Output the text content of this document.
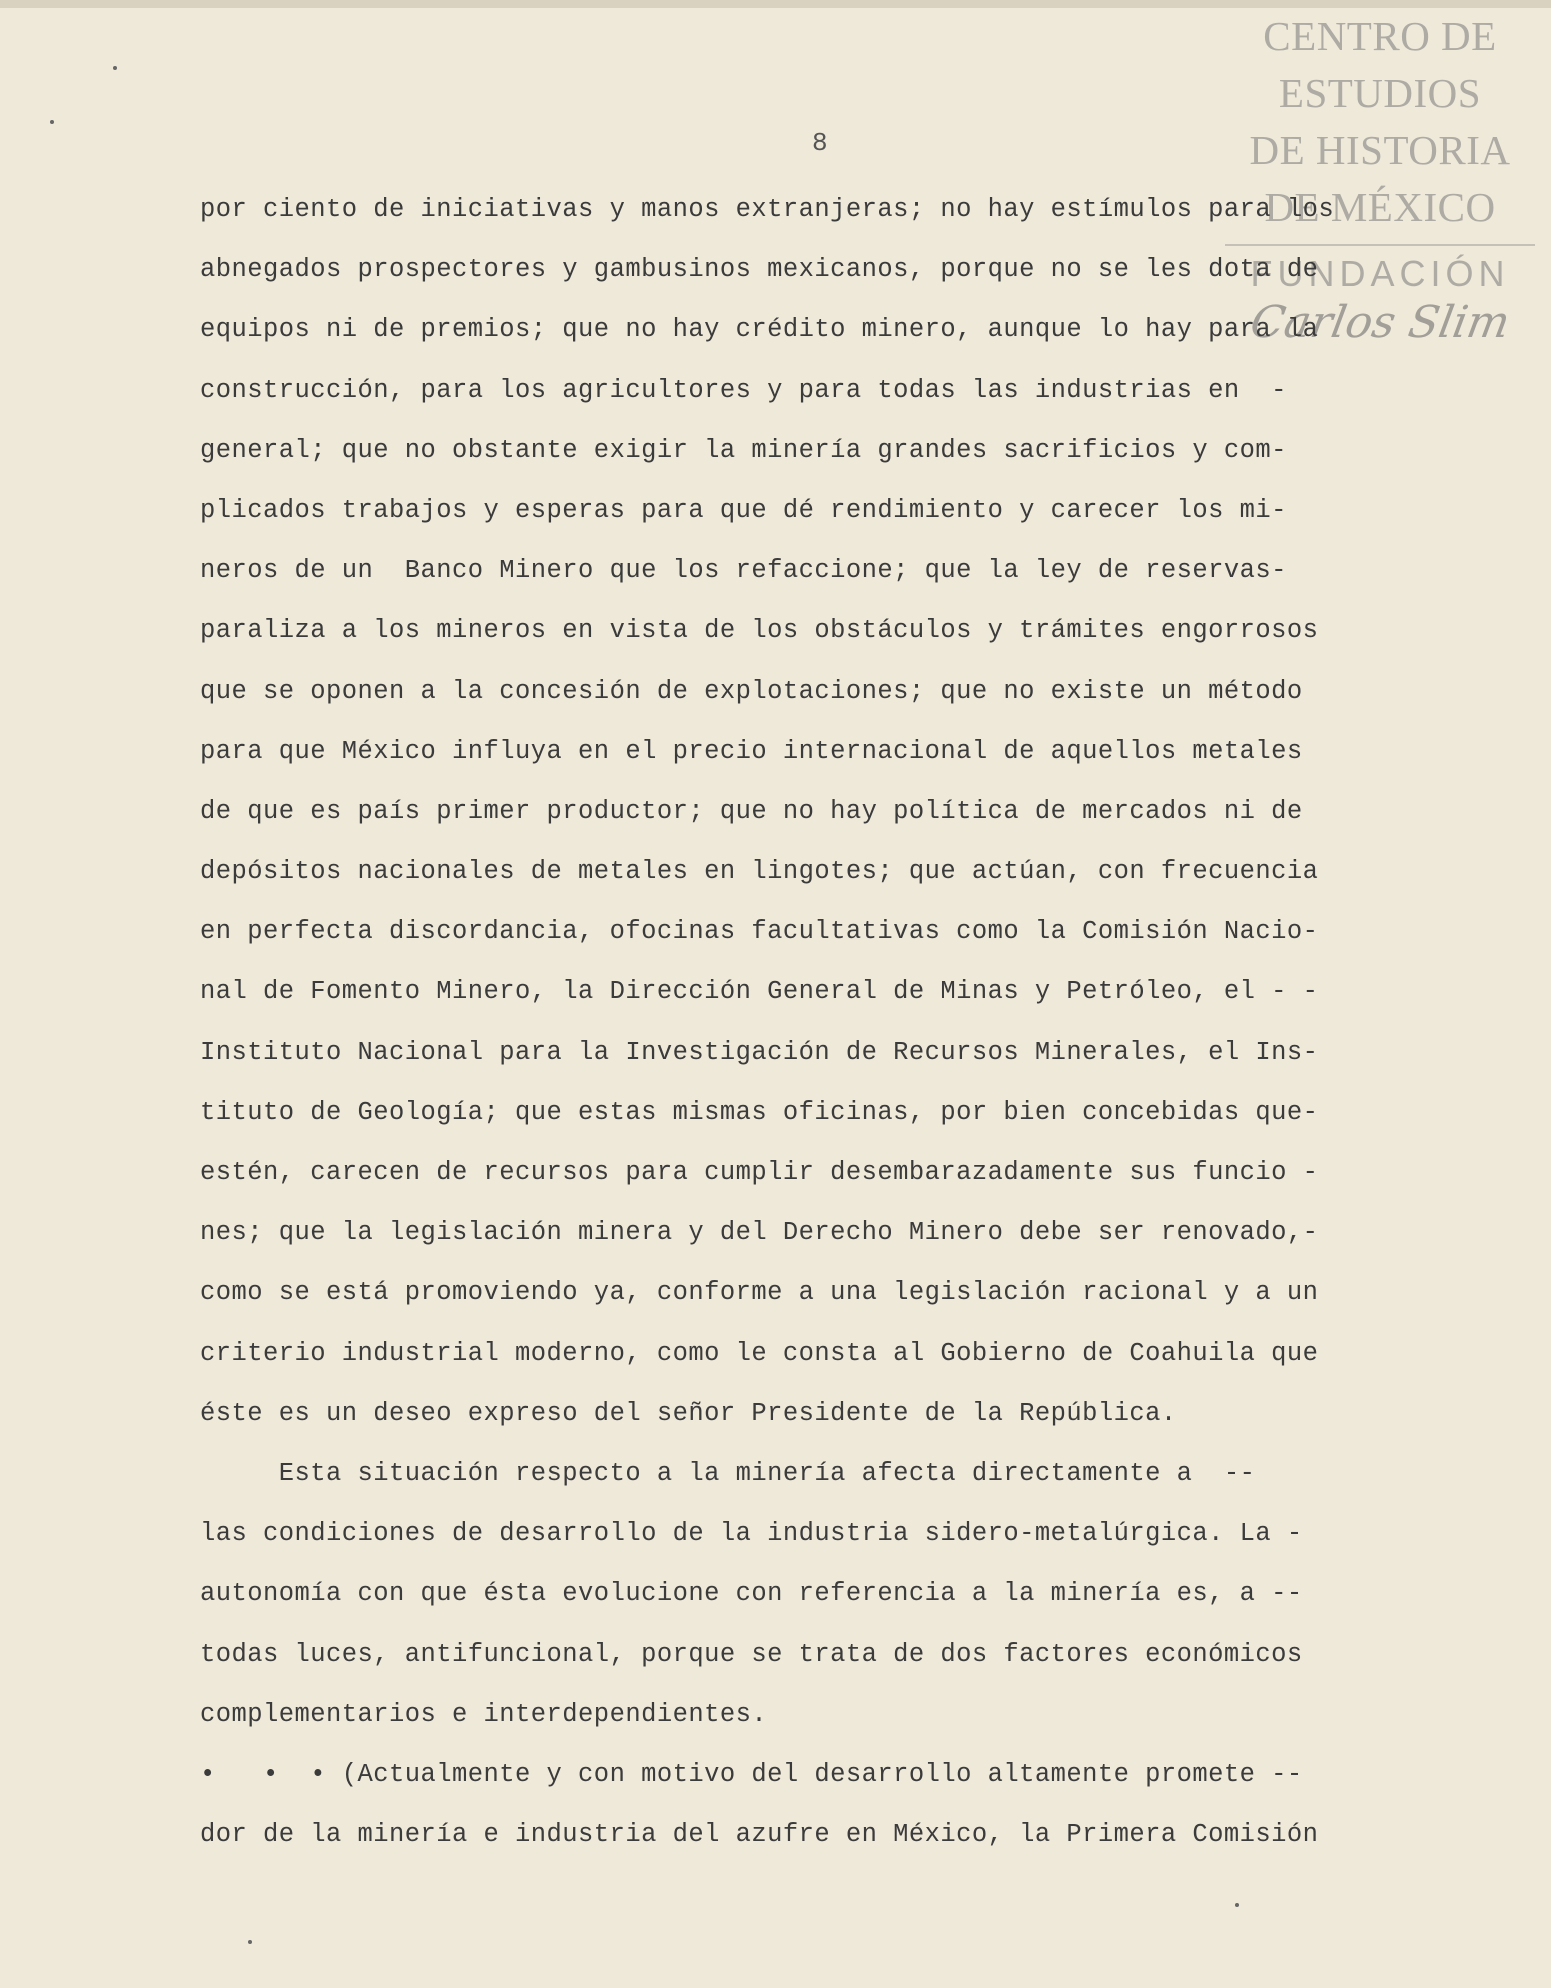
CENTRO DE
ESTUDIOS
DE HISTORIA
DE MÉXICO
FUNDACIÓN
Carlos Slim
8
por ciento de iniciativas y manos extranjeras; no hay estímulos para los
abnegados prospectores y gambusinos mexicanos, porque no se les dota de
equipos ni de premios; que no hay crédito minero, aunque lo hay para la
construcción, para los agricultores y para todas las industrias en  -
general; que no obstante exigir la minería grandes sacrificios y com-
plicados trabajos y esperas para que dé rendimiento y carecer los mi-
neros de un  Banco Minero que los refaccione; que la ley de reservas-
paraliza a los mineros en vista de los obstáculos y trámites engorrosos
que se oponen a la concesión de explotaciones; que no existe un método
para que México influya en el precio internacional de aquellos metales
de que es país primer productor; que no hay política de mercados ni de
depósitos nacionales de metales en lingotes; que actúan, con frecuencia
en perfecta discordancia, ofocinas facultativas como la Comisión Nacio-
nal de Fomento Minero, la Dirección General de Minas y Petróleo, el - -
Instituto Nacional para la Investigación de Recursos Minerales, el Ins-
tituto de Geología; que estas mismas oficinas, por bien concebidas que-
estén, carecen de recursos para cumplir desembarazadamente sus funcio -
nes; que la legislación minera y del Derecho Minero debe ser renovado,-
como se está promoviendo ya, conforme a una legislación racional y a un
criterio industrial moderno, como le consta al Gobierno de Coahuila que
éste es un deseo expreso del señor Presidente de la República.
Esta situación respecto a la minería afecta directamente a  --
las condiciones de desarrollo de la industria sidero-metalúrgica. La -
autonomía con que ésta evolucione con referencia a la minería es, a --
todas luces, antifuncional, porque se trata de dos factores económicos
complementarios e interdependientes.
•   •  • (Actualmente y con motivo del desarrollo altamente promete --
dor de la minería e industria del azufre en México, la Primera Comisión
